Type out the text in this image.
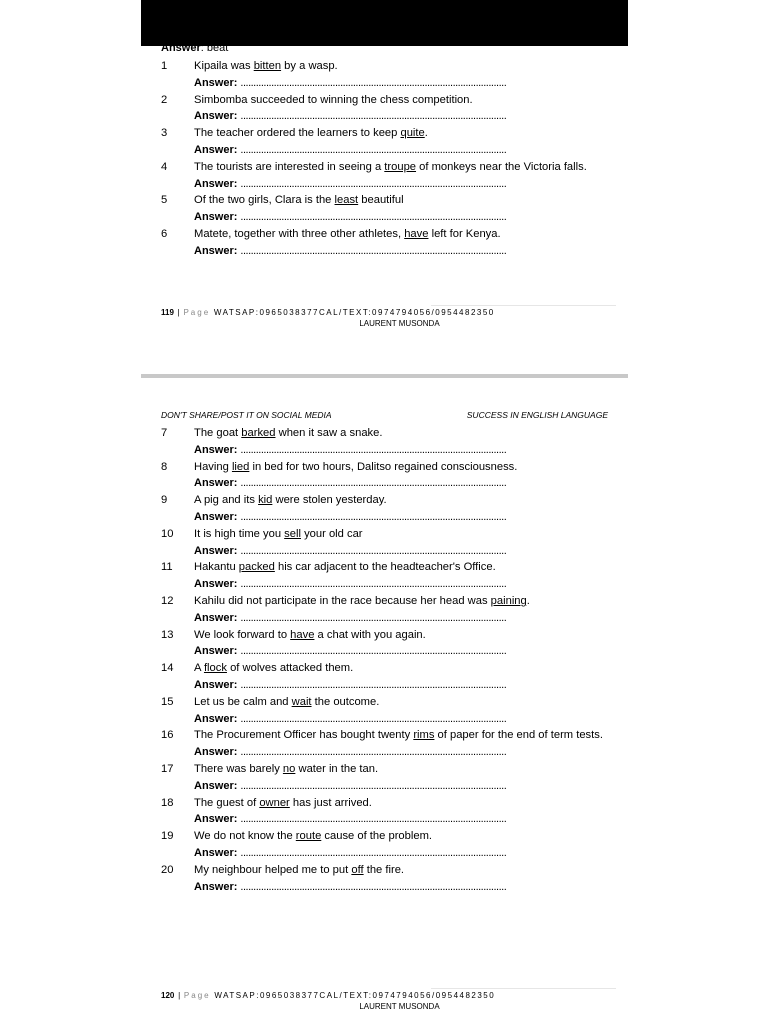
Answer: beat
1	Kipaila was bitten by a wasp.
Answer: ........................................................................................................
2	Simbomba succeeded to winning the chess competition.
Answer: ........................................................................................................
3	The teacher ordered the learners to keep quite.
Answer: ........................................................................................................
4	The tourists are interested in seeing a troupe of monkeys near the Victoria falls.
Answer: ........................................................................................................
5	Of the two girls, Clara is the least beautiful
Answer: ........................................................................................................
6	Matete, together with three other athletes, have left for Kenya.
Answer: ........................................................................................................
119 | Page WATSAP:0965038377CAL/TEXT:0974794056/0954482350
LAURENT MUSONDA
DON'T SHARE/POST IT ON SOCIAL MEDIA	SUCCESS IN ENGLISH LANGUAGE
7	The goat barked when it saw a snake.
Answer: ........................................................................................................
8	Having lied in bed for two hours, Dalitso regained consciousness.
Answer: ........................................................................................................
9	A pig and its kid were stolen yesterday.
Answer: ........................................................................................................
10	It is high time you sell your old car
Answer: ........................................................................................................
11	Hakantu packed his car adjacent to the headteacher's Office.
Answer: ........................................................................................................
12	Kahilu did not participate in the race because her head was paining.
Answer: ........................................................................................................
13	We look forward to have a chat with you again.
Answer: ........................................................................................................
14	A flock of wolves attacked them.
Answer: ........................................................................................................
15	Let us be calm and wait the outcome.
Answer: ........................................................................................................
16	The Procurement Officer has bought twenty rims of paper for the end of term tests.
Answer: ........................................................................................................
17	There was barely no water in the tan.
Answer: ........................................................................................................
18	The guest of owner has just arrived.
Answer: ........................................................................................................
19	We do not know the route cause of the problem.
Answer: ........................................................................................................
20	My neighbour helped me to put off the fire.
Answer: ........................................................................................................
120 | Page WATSAP:0965038377CAL/TEXT:0974794056/0954482350
LAURENT MUSONDA
